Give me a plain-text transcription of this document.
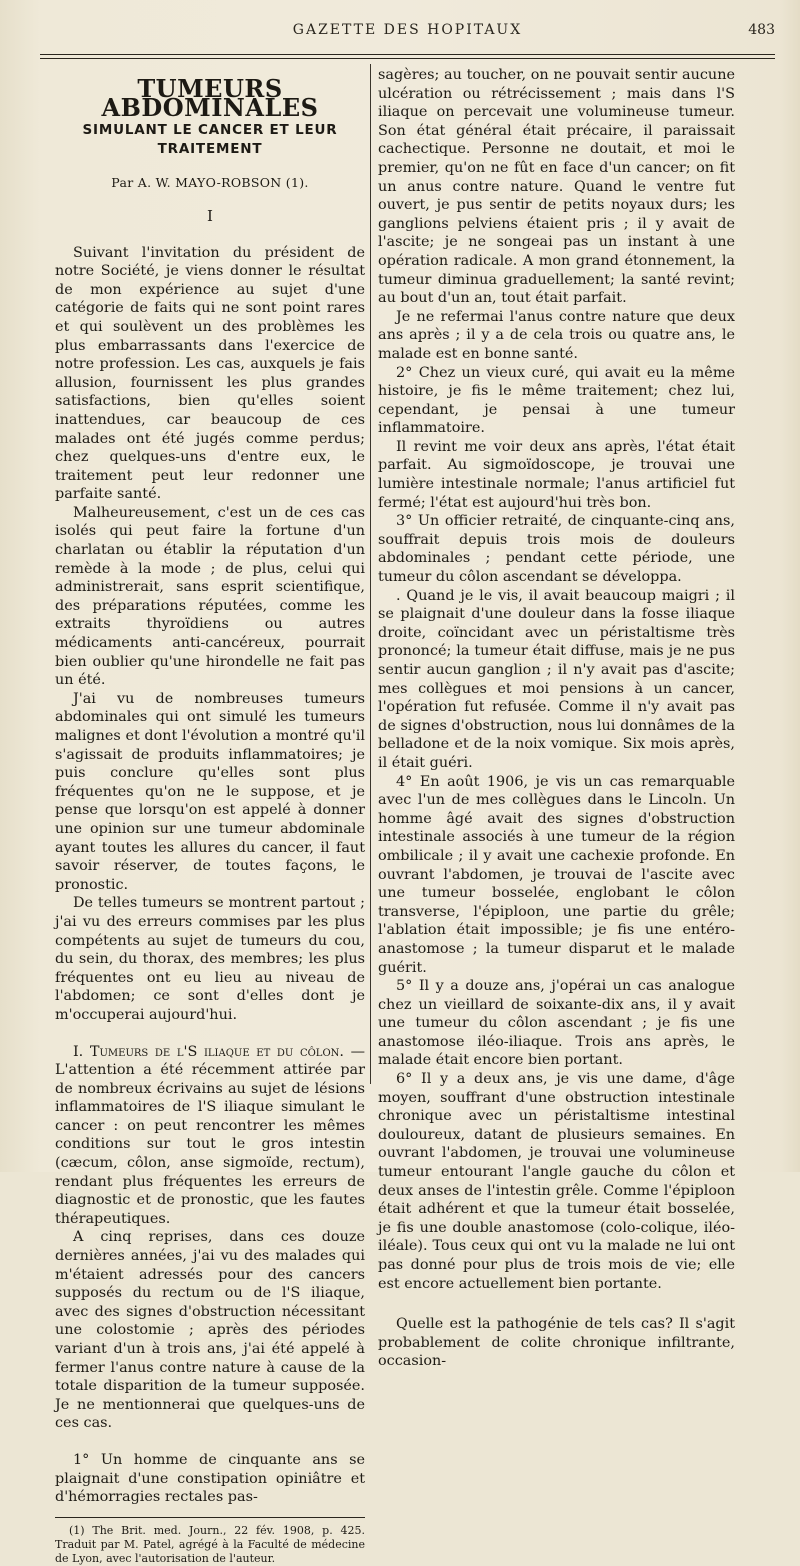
GAZETTE DES HOPITAUX	483
TUMEURS ABDOMINALES
SIMULANT LE CANCER ET LEUR TRAITEMENT
Par A. W. MAYO-ROBSON (1).
I

Suivant l'invitation du président de notre Société, je viens donner le résultat de mon expérience au sujet d'une catégorie de faits qui ne sont point rares et qui soulèvent un des problèmes les plus embarrassants dans l'exercice de notre profession. Les cas, auxquels je fais allusion, fournissent les plus grandes satisfactions, bien qu'elles soient inattendues, car beaucoup de ces malades ont été jugés comme perdus; chez quelques-uns d'entre eux, le traitement peut leur redonner une parfaite santé.

Malheureusement, c'est un de ces cas isolés qui peut faire la fortune d'un charlatan ou établir la réputation d'un remède à la mode ; de plus, celui qui administrerait, sans esprit scientifique, des préparations réputées, comme les extraits thyroïdiens ou autres médicaments anti-cancéreux, pourrait bien oublier qu'une hirondelle ne fait pas un été.

J'ai vu de nombreuses tumeurs abdominales qui ont simulé les tumeurs malignes et dont l'évolution a montré qu'il s'agissait de produits inflammatoires; je puis conclure qu'elles sont plus fréquentes qu'on ne le suppose, et je pense que lorsqu'on est appelé à donner une opinion sur une tumeur abdominale ayant toutes les allures du cancer, il faut savoir réserver, de toutes façons, le pronostic.

De telles tumeurs se montrent partout ; j'ai vu des erreurs commises par les plus compétents au sujet de tumeurs du cou, du sein, du thorax, des membres; les plus fréquentes ont eu lieu au niveau de l'abdomen; ce sont d'elles dont je m'occuperai aujourd'hui.

I. Tumeurs de l'S iliaque et du côlon. — L'attention a été récemment attirée par de nombreux écrivains au sujet de lésions inflammatoires de l'S iliaque simulant le cancer : on peut rencontrer les mêmes conditions sur tout le gros intestin (cæcum, côlon, anse sigmoïde, rectum), rendant plus fréquentes les erreurs de diagnostic et de pronostic, que les fautes thérapeutiques.

A cinq reprises, dans ces douze dernières années, j'ai vu des malades qui m'étaient adressés pour des cancers supposés du rectum ou de l'S iliaque, avec des signes d'obstruction nécessitant une colostomie ; après des périodes variant d'un à trois ans, j'ai été appelé à fermer l'anus contre nature à cause de la totale disparition de la tumeur supposée. Je ne mentionnerai que quelques-uns de ces cas.

1° Un homme de cinquante ans se plaignait d'une constipation opiniâtre et d'hémorragies rectales pas-

(1) The Brit. med. Journ., 22 fév. 1908, p. 425. Traduit par M. Patel, agrégé à la Faculté de médecine de Lyon, avec l'autorisation de l'auteur.

sagères; au toucher, on ne pouvait sentir aucune ulcération ou rétrécissement ; mais dans l'S iliaque on percevait une volumineuse tumeur. Son état général était précaire, il paraissait cachectique. Personne ne doutait, et moi le premier, qu'on ne fût en face d'un cancer; on fit un anus contre nature. Quand le ventre fut ouvert, je pus sentir de petits noyaux durs; les ganglions pelviens étaient pris ; il y avait de l'ascite; je ne songeai pas un instant à une opération radicale. A mon grand étonnement, la tumeur diminua graduellement; la santé revint; au bout d'un an, tout était parfait.

Je ne refermai l'anus contre nature que deux ans après ; il y a de cela trois ou quatre ans, le malade est en bonne santé.

2° Chez un vieux curé, qui avait eu la même histoire, je fis le même traitement; chez lui, cependant, je pensai à une tumeur inflammatoire.

Il revint me voir deux ans après, l'état était parfait. Au sigmoïdoscope, je trouvai une lumière intestinale normale; l'anus artificiel fut fermé; l'état est aujourd'hui très bon.

3° Un officier retraité, de cinquante-cinq ans, souffrait depuis trois mois de douleurs abdominales ; pendant cette période, une tumeur du côlon ascendant se développa.

. Quand je le vis, il avait beaucoup maigri ; il se plaignait d'une douleur dans la fosse iliaque droite, coïncidant avec un péristaltisme très prononcé; la tumeur était diffuse, mais je ne pus sentir aucun ganglion ; il n'y avait pas d'ascite; mes collègues et moi pensions à un cancer, l'opération fut refusée. Comme il n'y avait pas de signes d'obstruction, nous lui donnâmes de la belladone et de la noix vomique. Six mois après, il était guéri.

4° En août 1906, je vis un cas remarquable avec l'un de mes collègues dans le Lincoln. Un homme âgé avait des signes d'obstruction intestinale associés à une tumeur de la région ombilicale ; il y avait une cachexie profonde. En ouvrant l'abdomen, je trouvai de l'ascite avec une tumeur bosselée, englobant le côlon transverse, l'épiploon, une partie du grêle; l'ablation était impossible; je fis une entéro-anastomose ; la tumeur disparut et le malade guérit.

5° Il y a douze ans, j'opérai un cas analogue chez un vieillard de soixante-dix ans, il y avait une tumeur du côlon ascendant ; je fis une anastomose iléo-iliaque. Trois ans après, le malade était encore bien portant.

6° Il y a deux ans, je vis une dame, d'âge moyen, souffrant d'une obstruction intestinale chronique avec un péristaltisme intestinal douloureux, datant de plusieurs semaines. En ouvrant l'abdomen, je trouvai une volumineuse tumeur entourant l'angle gauche du côlon et deux anses de l'intestin grêle. Comme l'épiploon était adhérent et que la tumeur était bosselée, je fis une double anastomose (colo-colique, iléo-iléale). Tous ceux qui ont vu la malade ne lui ont pas donné pour plus de trois mois de vie; elle est encore actuellement bien portante.

Quelle est la pathogénie de tels cas? Il s'agit probablement de colite chronique infiltrante, occasion-
